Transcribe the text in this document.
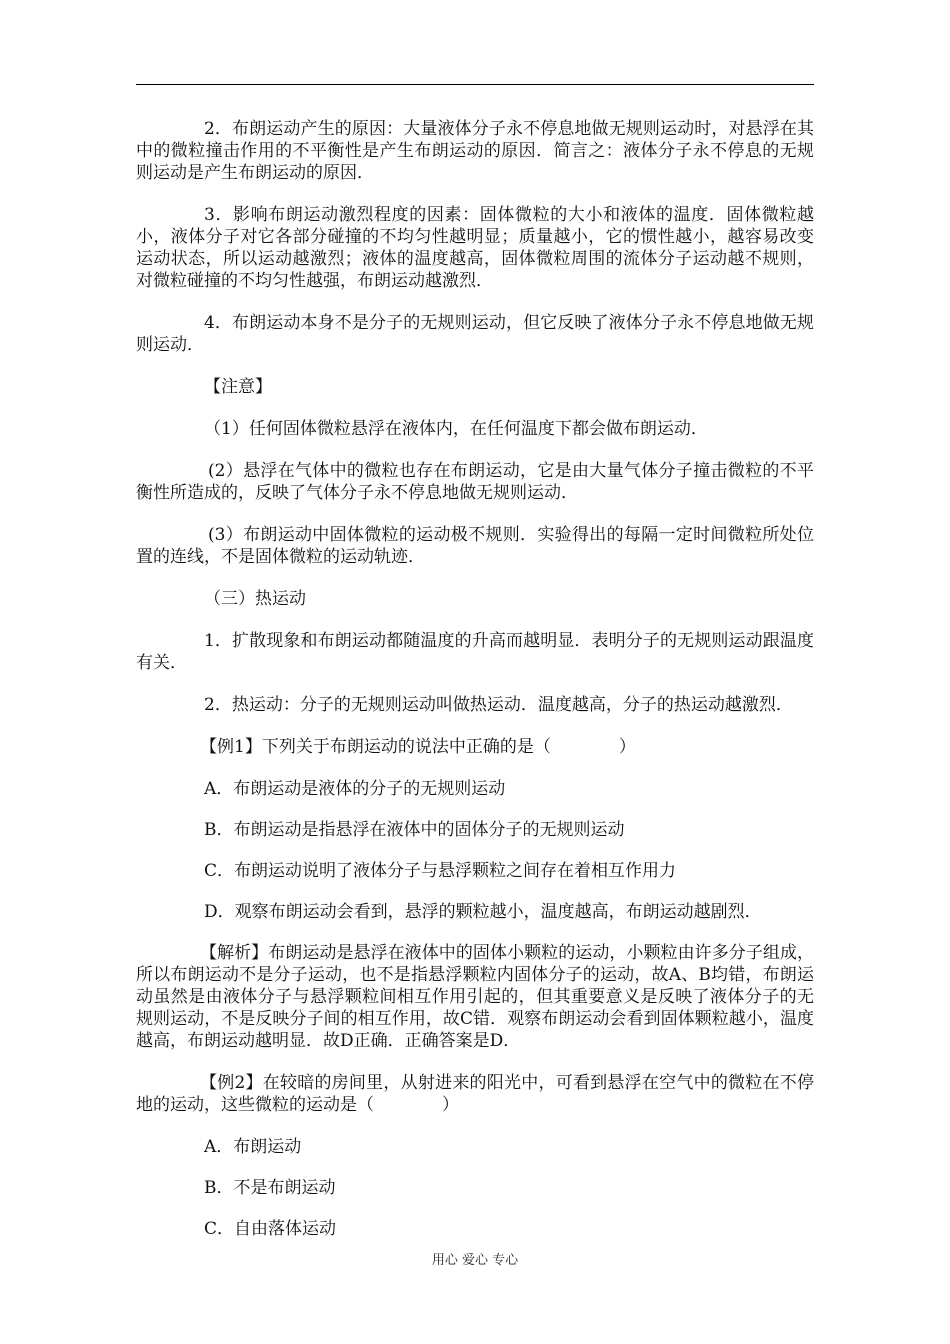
2．布朗运动产生的原因：大量液体分子永不停息地做无规则运动时，对悬浮在其中的微粒撞击作用的不平衡性是产生布朗运动的原因．简言之：液体分子永不停息的无规则运动是产生布朗运动的原因．

3．影响布朗运动激烈程度的因素：固体微粒的大小和液体的温度．固体微粒越小，液体分子对它各部分碰撞的不均匀性越明显；质量越小，它的惯性越小，越容易改变运动状态，所以运动越激烈；液体的温度越高，固体微粒周围的流体分子运动越不规则，对微粒碰撞的不均匀性越强，布朗运动越激烈．

4．布朗运动本身不是分子的无规则运动，但它反映了液体分子永不停息地做无规则运动．

【注意】

（1）任何固体微粒悬浮在液体内，在任何温度下都会做布朗运动．

(2）悬浮在气体中的微粒也存在布朗运动，它是由大量气体分子撞击微粒的不平衡性所造成的，反映了气体分子永不停息地做无规则运动．

(3）布朗运动中固体微粒的运动极不规则．实验得出的每隔一定时间微粒所处位置的连线，不是固体微粒的运动轨迹．

（三）热运动

1．扩散现象和布朗运动都随温度的升高而越明显．表明分子的无规则运动跟温度有关．

2．热运动：分子的无规则运动叫做热运动．温度越高，分子的热运动越激烈．

【例1】下列关于布朗运动的说法中正确的是（　　　　）

A．布朗运动是液体的分子的无规则运动

B．布朗运动是指悬浮在液体中的固体分子的无规则运动

C．布朗运动说明了液体分子与悬浮颗粒之间存在着相互作用力

D．观察布朗运动会看到，悬浮的颗粒越小，温度越高，布朗运动越剧烈．

【解析】布朗运动是悬浮在液体中的固体小颗粒的运动，小颗粒由许多分子组成，所以布朗运动不是分子运动，也不是指悬浮颗粒内固体分子的运动，故A、B均错，布朗运动虽然是由液体分子与悬浮颗粒间相互作用引起的，但其重要意义是反映了液体分子的无规则运动，不是反映分子间的相互作用，故C错．观察布朗运动会看到固体颗粒越小，温度越高，布朗运动越明显．故D正确．正确答案是D．

【例2】在较暗的房间里，从射进来的阳光中，可看到悬浮在空气中的微粒在不停地的运动，这些微粒的运动是（　　　　）

A．布朗运动

B．不是布朗运动

C．自由落体运动

用心 爱心 专心
